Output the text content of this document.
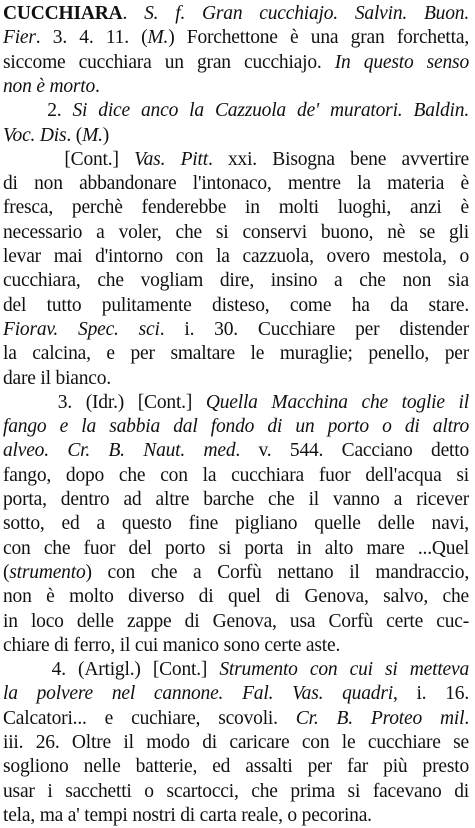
CUCCHIARA. S. f. Gran cucchiajo. Salvin. Buon.
Fier. 3. 4. 11. (M.) Forchettone è una gran forchetta,
siccome cucchiara un gran cucchiajo. In questo senso
non è morto.
2. Si dice anco la Cazzuola de' muratori. Baldin.
Voc. Dis. (M.)
[Cont.] Vas. Pitt. xxi. Bisogna bene avvertire
di non abbandonare l'intonaco, mentre la materia è
fresca, perchè fenderebbe in molti luoghi, anzi è
necessario a voler, che si conservi buono, nè se gli
levar mai d'intorno con la cazzuola, overo mestola, o
cucchiara, che vogliam dire, insino a che non sia
del tutto pulitamente disteso, come ha da stare.
Fiorav. Spec. sci. i. 30. Cucchiare per distender
la calcina, e per smaltare le muraglie; penello, per
dare il bianco.
3. (Idr.) [Cont.] Quella Macchina che toglie il
fango e la sabbia dal fondo di un porto o di altro
alveo. Cr. B. Naut. med. v. 544. Cacciano detto
fango, dopo che con la cucchiara fuor dell'acqua si
porta, dentro ad altre barche che il vanno a ricever
sotto, ed a questo fine pigliano quelle delle navi,
con che fuor del porto si porta in alto mare ...Quel
(strumento) con che a Corfù nettano il mandraccio,
non è molto diverso di quel di Genova, salvo, che
in loco delle zappe di Genova, usa Corfù certe cuc-
chiare di ferro, il cui manico sono certe aste.
4. (Artigl.) [Cont.] Strumento con cui si metteva
la polvere nel cannone. Fal. Vas. quadri, i. 16.
Calcatori... e cuchiare, scovoli. Cr. B. Proteo mil.
iii. 26. Oltre il modo di caricare con le cucchiare se
sogliono nelle batterie, ed assalti per far più presto
usar i sacchetti o scartocci, che prima si facevano di
tela, ma a' tempi nostri di carta reale, o pecorina.
